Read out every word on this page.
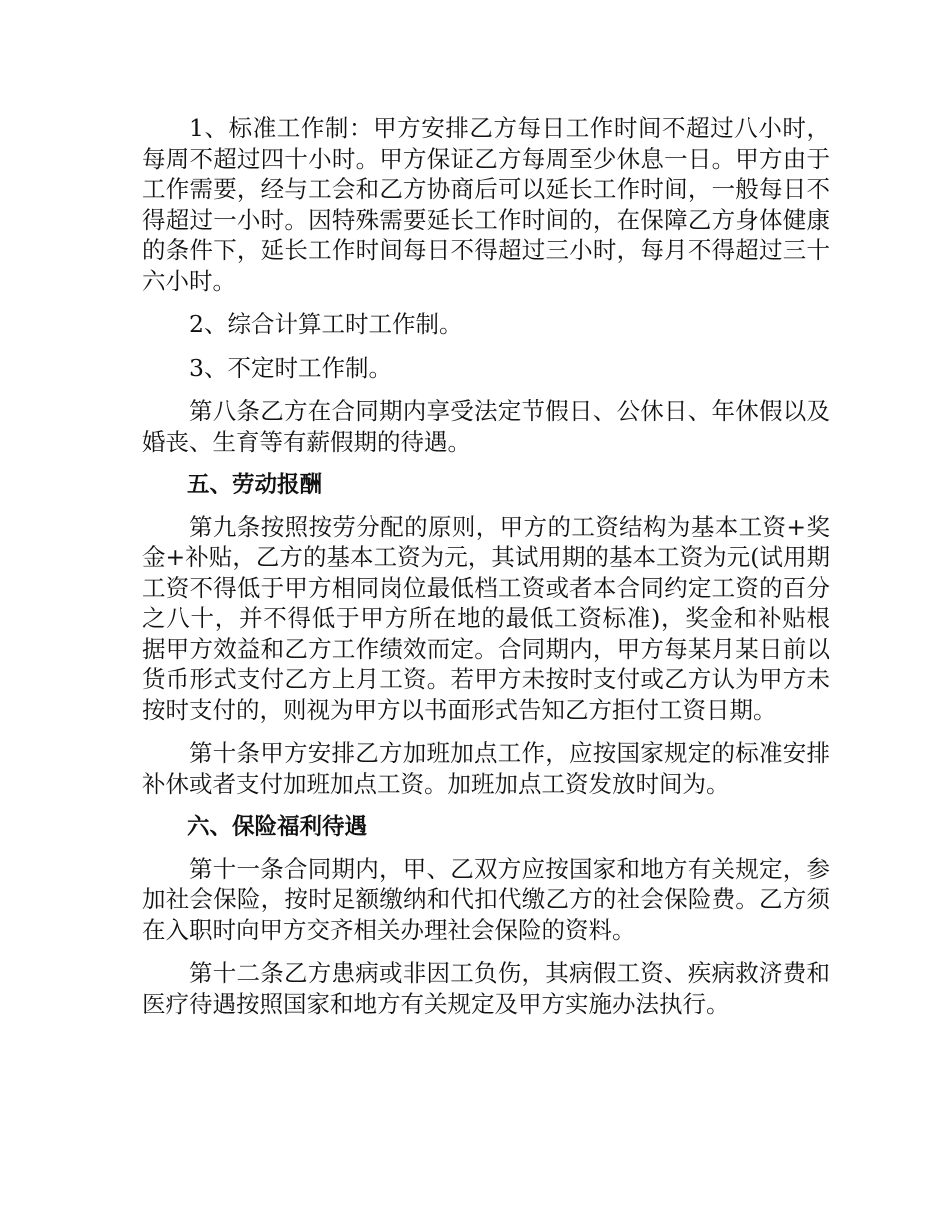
1、标准工作制：甲方安排乙方每日工作时间不超过八小时，每周不超过四十小时。甲方保证乙方每周至少休息一日。甲方由于工作需要，经与工会和乙方协商后可以延长工作时间，一般每日不得超过一小时。因特殊需要延长工作时间的，在保障乙方身体健康的条件下，延长工作时间每日不得超过三小时，每月不得超过三十六小时。

2、综合计算工时工作制。

3、不定时工作制。

第八条乙方在合同期内享受法定节假日、公休日、年休假以及婚丧、生育等有薪假期的待遇。

五、劳动报酬

第九条按照按劳分配的原则，甲方的工资结构为基本工资+奖金+补贴，乙方的基本工资为元，其试用期的基本工资为元(试用期工资不得低于甲方相同岗位最低档工资或者本合同约定工资的百分之八十，并不得低于甲方所在地的最低工资标准)，奖金和补贴根据甲方效益和乙方工作绩效而定。合同期内，甲方每某月某日前以货币形式支付乙方上月工资。若甲方未按时支付或乙方认为甲方未按时支付的，则视为甲方以书面形式告知乙方拒付工资日期。

第十条甲方安排乙方加班加点工作，应按国家规定的标准安排补休或者支付加班加点工资。加班加点工资发放时间为。

六、保险福利待遇

第十一条合同期内，甲、乙双方应按国家和地方有关规定，参加社会保险，按时足额缴纳和代扣代缴乙方的社会保险费。乙方须在入职时向甲方交齐相关办理社会保险的资料。

第十二条乙方患病或非因工负伤，其病假工资、疾病救济费和医疗待遇按照国家和地方有关规定及甲方实施办法执行。
